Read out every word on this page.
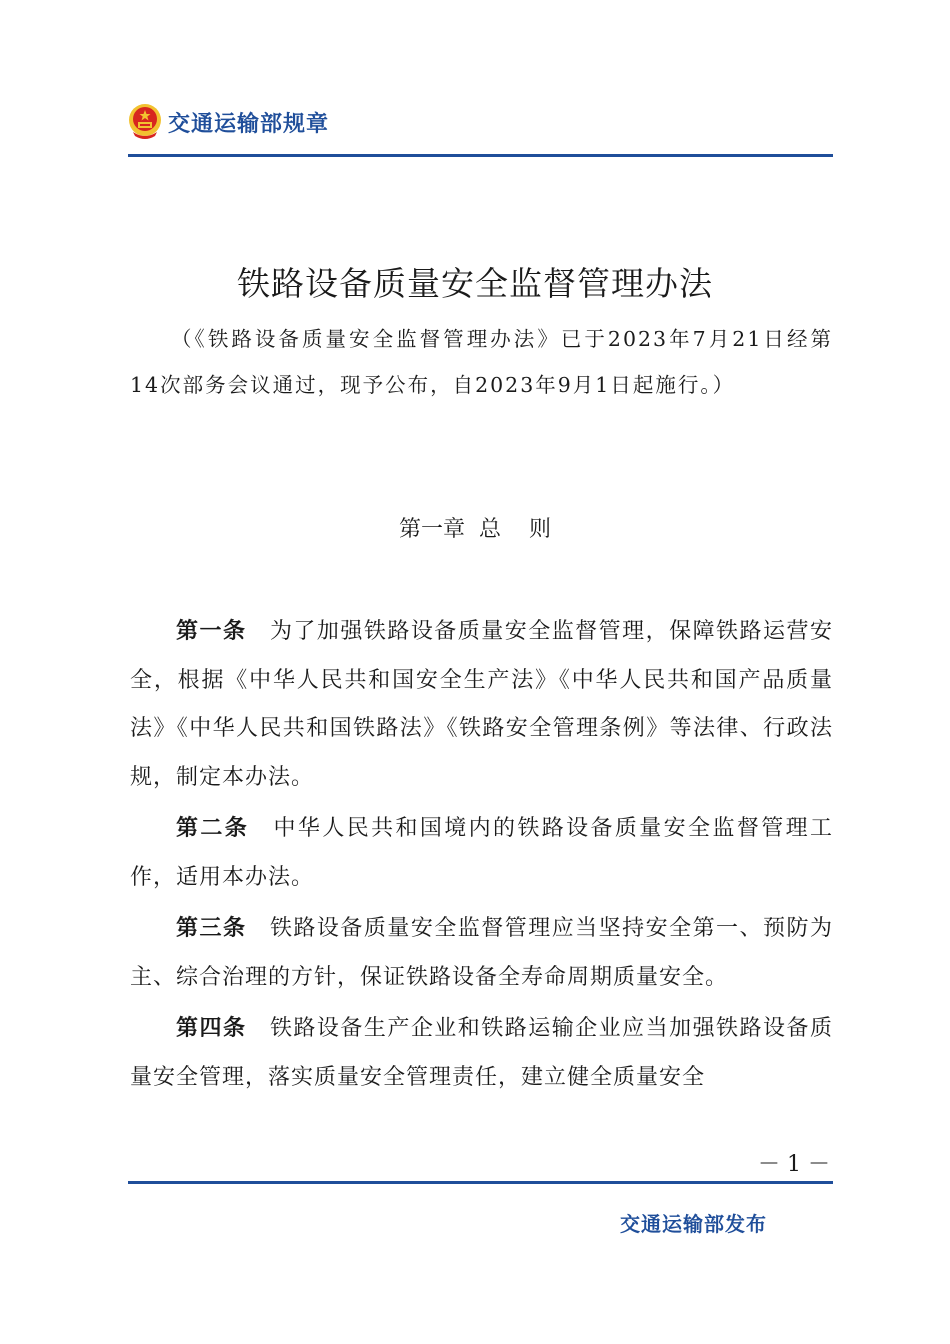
交通运输部规章
铁路设备质量安全监督管理办法
（《铁路设备质量安全监督管理办法》已于2023年7月21日经第14次部务会议通过，现予公布，自2023年9月1日起施行。）
第一章  总    则
第一条　 为了加强铁路设备质量安全监督管理，保障铁路运营安全，根据《中华人民共和国安全生产法》《中华人民共和国产品质量法》《中华人民共和国铁路法》《铁路安全管理条例》等法律、行政法规，制定本办法。
第二条　 中华人民共和国境内的铁路设备质量安全监督管理工作，适用本办法。
第三条　 铁路设备质量安全监督管理应当坚持安全第一、预防为主、综合治理的方针，保证铁路设备全寿命周期质量安全。
第四条　 铁路设备生产企业和铁路运输企业应当加强铁路设备质量安全管理，落实质量安全管理责任，建立健全质量安全
－ 1 －
交通运输部发布
